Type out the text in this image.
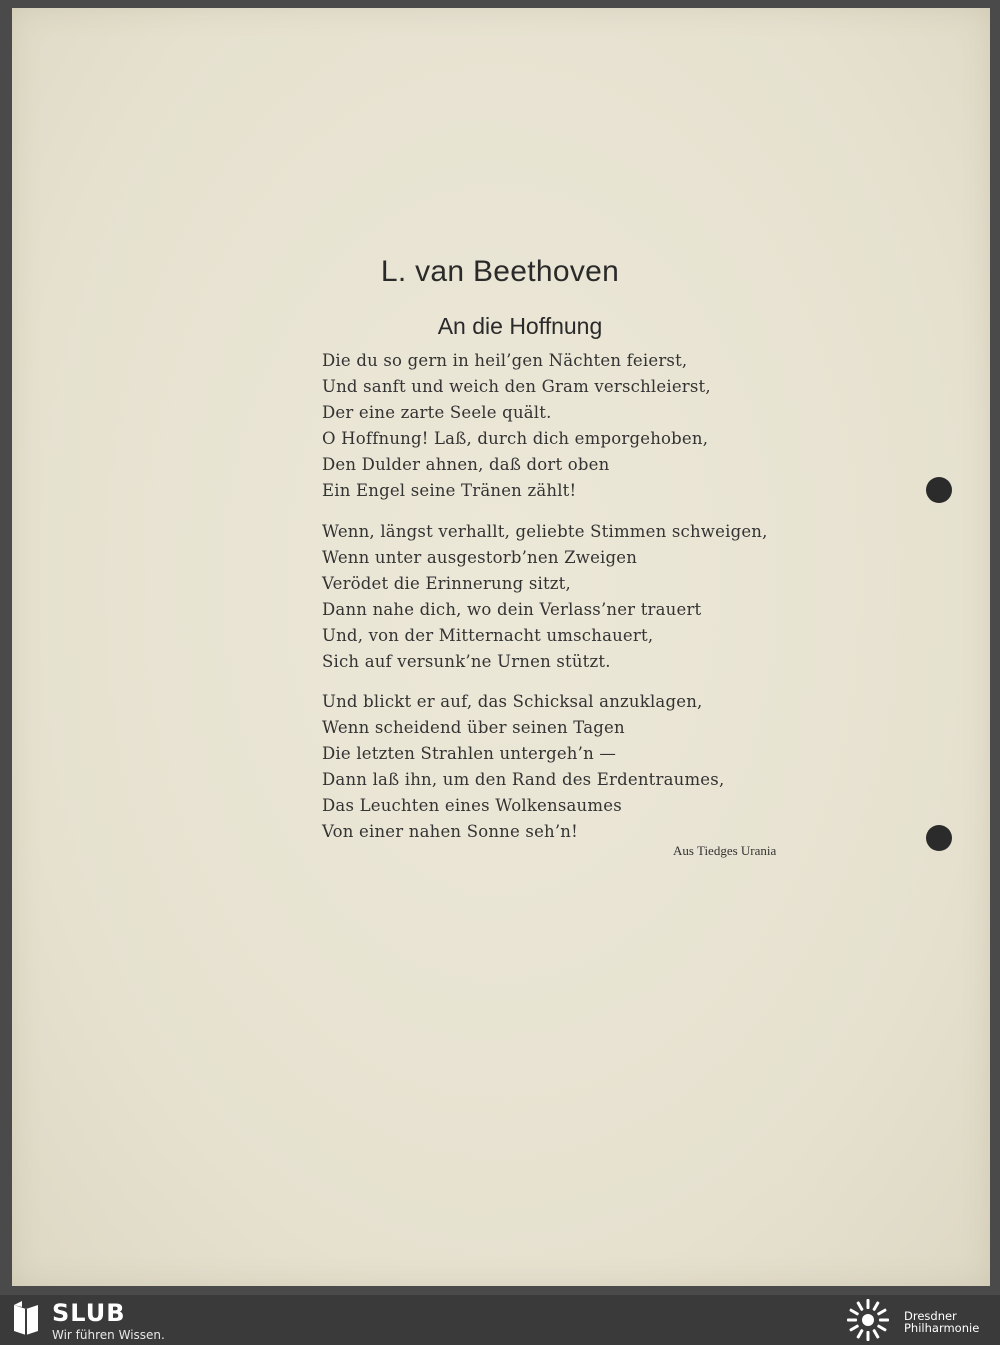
L. van Beethoven
An die Hoffnung
Die du so gern in heil’gen Nächten feierst,
Und sanft und weich den Gram verschleierst,
Der eine zarte Seele quält.
O Hoffnung! Laß, durch dich emporgehoben,
Den Dulder ahnen, daß dort oben
Ein Engel seine Tränen zählt!
Wenn, längst verhallt, geliebte Stimmen schweigen,
Wenn unter ausgestorb’nen Zweigen
Verödet die Erinnerung sitzt,
Dann nahe dich, wo dein Verlass’ner trauert
Und, von der Mitternacht umschauert,
Sich auf versunk’ne Urnen stützt.
Und blickt er auf, das Schicksal anzuklagen,
Wenn scheidend über seinen Tagen
Die letzten Strahlen untergeh’n —
Dann laß ihn, um den Rand des Erdentraumes,
Das Leuchten eines Wolkensaumes
Von einer nahen Sonne seh’n!
Aus Tiedges Urania
SLUB
Wir führen Wissen.
Dresdner
Philharmonie
